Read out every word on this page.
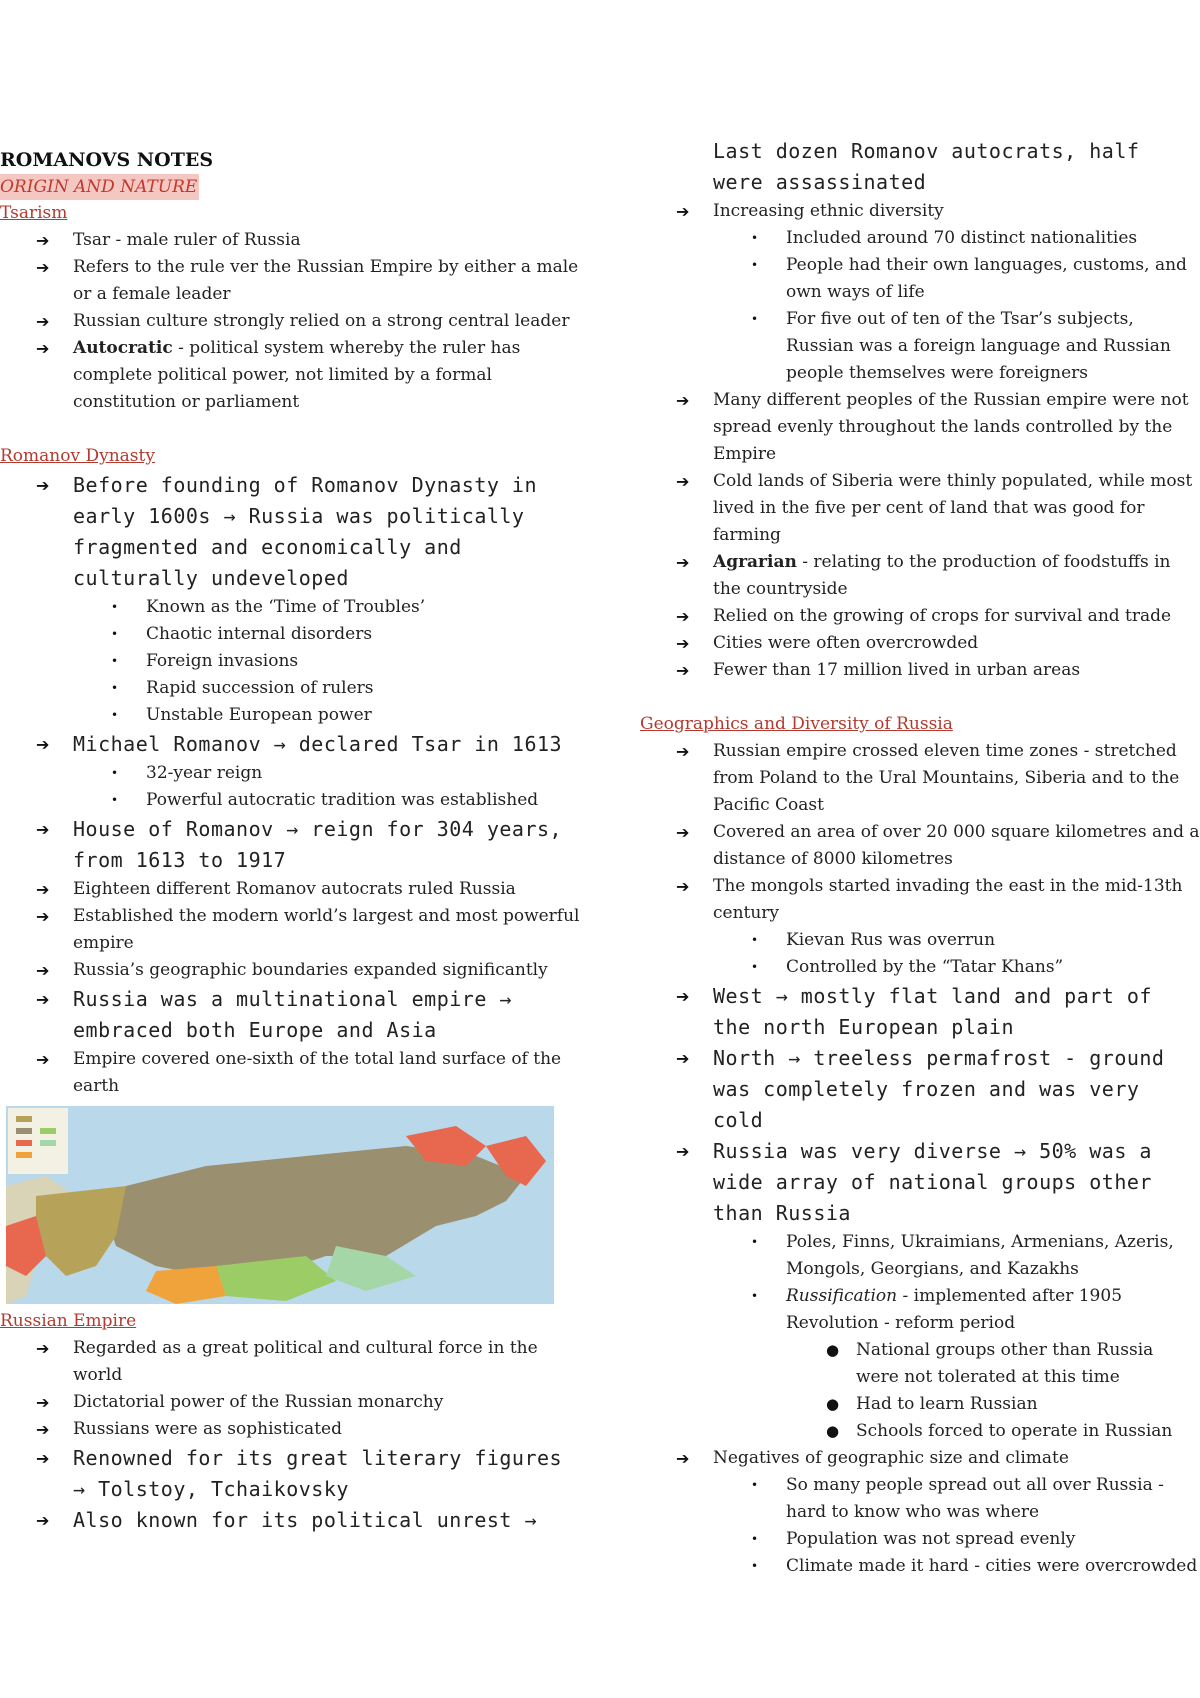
ROMANOVS NOTES

ORIGIN AND NATURE

Tsarism

➔ Tsar - male ruler of Russia
➔ Refers to the rule ver the Russian Empire by either a male or a female leader
➔ Russian culture strongly relied on a strong central leader
➔ Autocratic - political system whereby the ruler has complete political power, not limited by a formal constitution or parliament

Romanov Dynasty

➔ Before founding of Romanov Dynasty in early 1600s → Russia was politically fragmented and economically and culturally undeveloped
• Known as the ‘Time of Troubles’
• Chaotic internal disorders
• Foreign invasions
• Rapid succession of rulers
• Unstable European power
➔ Michael Romanov → declared Tsar in 1613
• 32-year reign
• Powerful autocratic tradition was established
➔ House of Romanov → reign for 304 years, from 1613 to 1917
➔ Eighteen different Romanov autocrats ruled Russia
➔ Established the modern world’s largest and most powerful empire
➔ Russia’s geographic boundaries expanded significantly
➔ Russia was a multinational empire → embraced both Europe and Asia
➔ Empire covered one-sixth of the total land surface of the earth

Russian Empire

➔ Regarded as a great political and cultural force in the world
➔ Dictatorial power of the Russian monarchy
➔ Russians were as sophisticated
➔ Renowned for its great literary figures → Tolstoy, Tchaikovsky
➔ Also known for its political unrest →
Last dozen Romanov autocrats, half were assassinated
➔ Increasing ethnic diversity
• Included around 70 distinct nationalities
• People had their own languages, customs, and own ways of life
• For five out of ten of the Tsar’s subjects, Russian was a foreign language and Russian people themselves were foreigners
➔ Many different peoples of the Russian empire were not spread evenly throughout the lands controlled by the Empire
➔ Cold lands of Siberia were thinly populated, while most lived in the five per cent of land that was good for farming
➔ Agrarian - relating to the production of foodstuffs in the countryside
➔ Relied on the growing of crops for survival and trade
➔ Cities were often overcrowded
➔ Fewer than 17 million lived in urban areas

Geographics and Diversity of Russia

➔ Russian empire crossed eleven time zones - stretched from Poland to the Ural Mountains, Siberia and to the Pacific Coast
➔ Covered an area of over 20 000 square kilometres and a distance of 8000 kilometres
➔ The mongols started invading the east in the mid-13th century
• Kievan Rus was overrun
• Controlled by the “Tatar Khans”
➔ West → mostly flat land and part of the north European plain
➔ North → treeless permafrost - ground was completely frozen and was very cold
➔ Russia was very diverse → 50% was a wide array of national groups other than Russia
• Poles, Finns, Ukraimians, Armenians, Azeris, Mongols, Georgians, and Kazakhs
• Russification - implemented after 1905 Revolution - reform period
● National groups other than Russia were not tolerated at this time
● Had to learn Russian
● Schools forced to operate in Russian
➔ Negatives of geographic size and climate
• So many people spread out all over Russia - hard to know who was where
• Population was not spread evenly
• Climate made it hard - cities were overcrowded
